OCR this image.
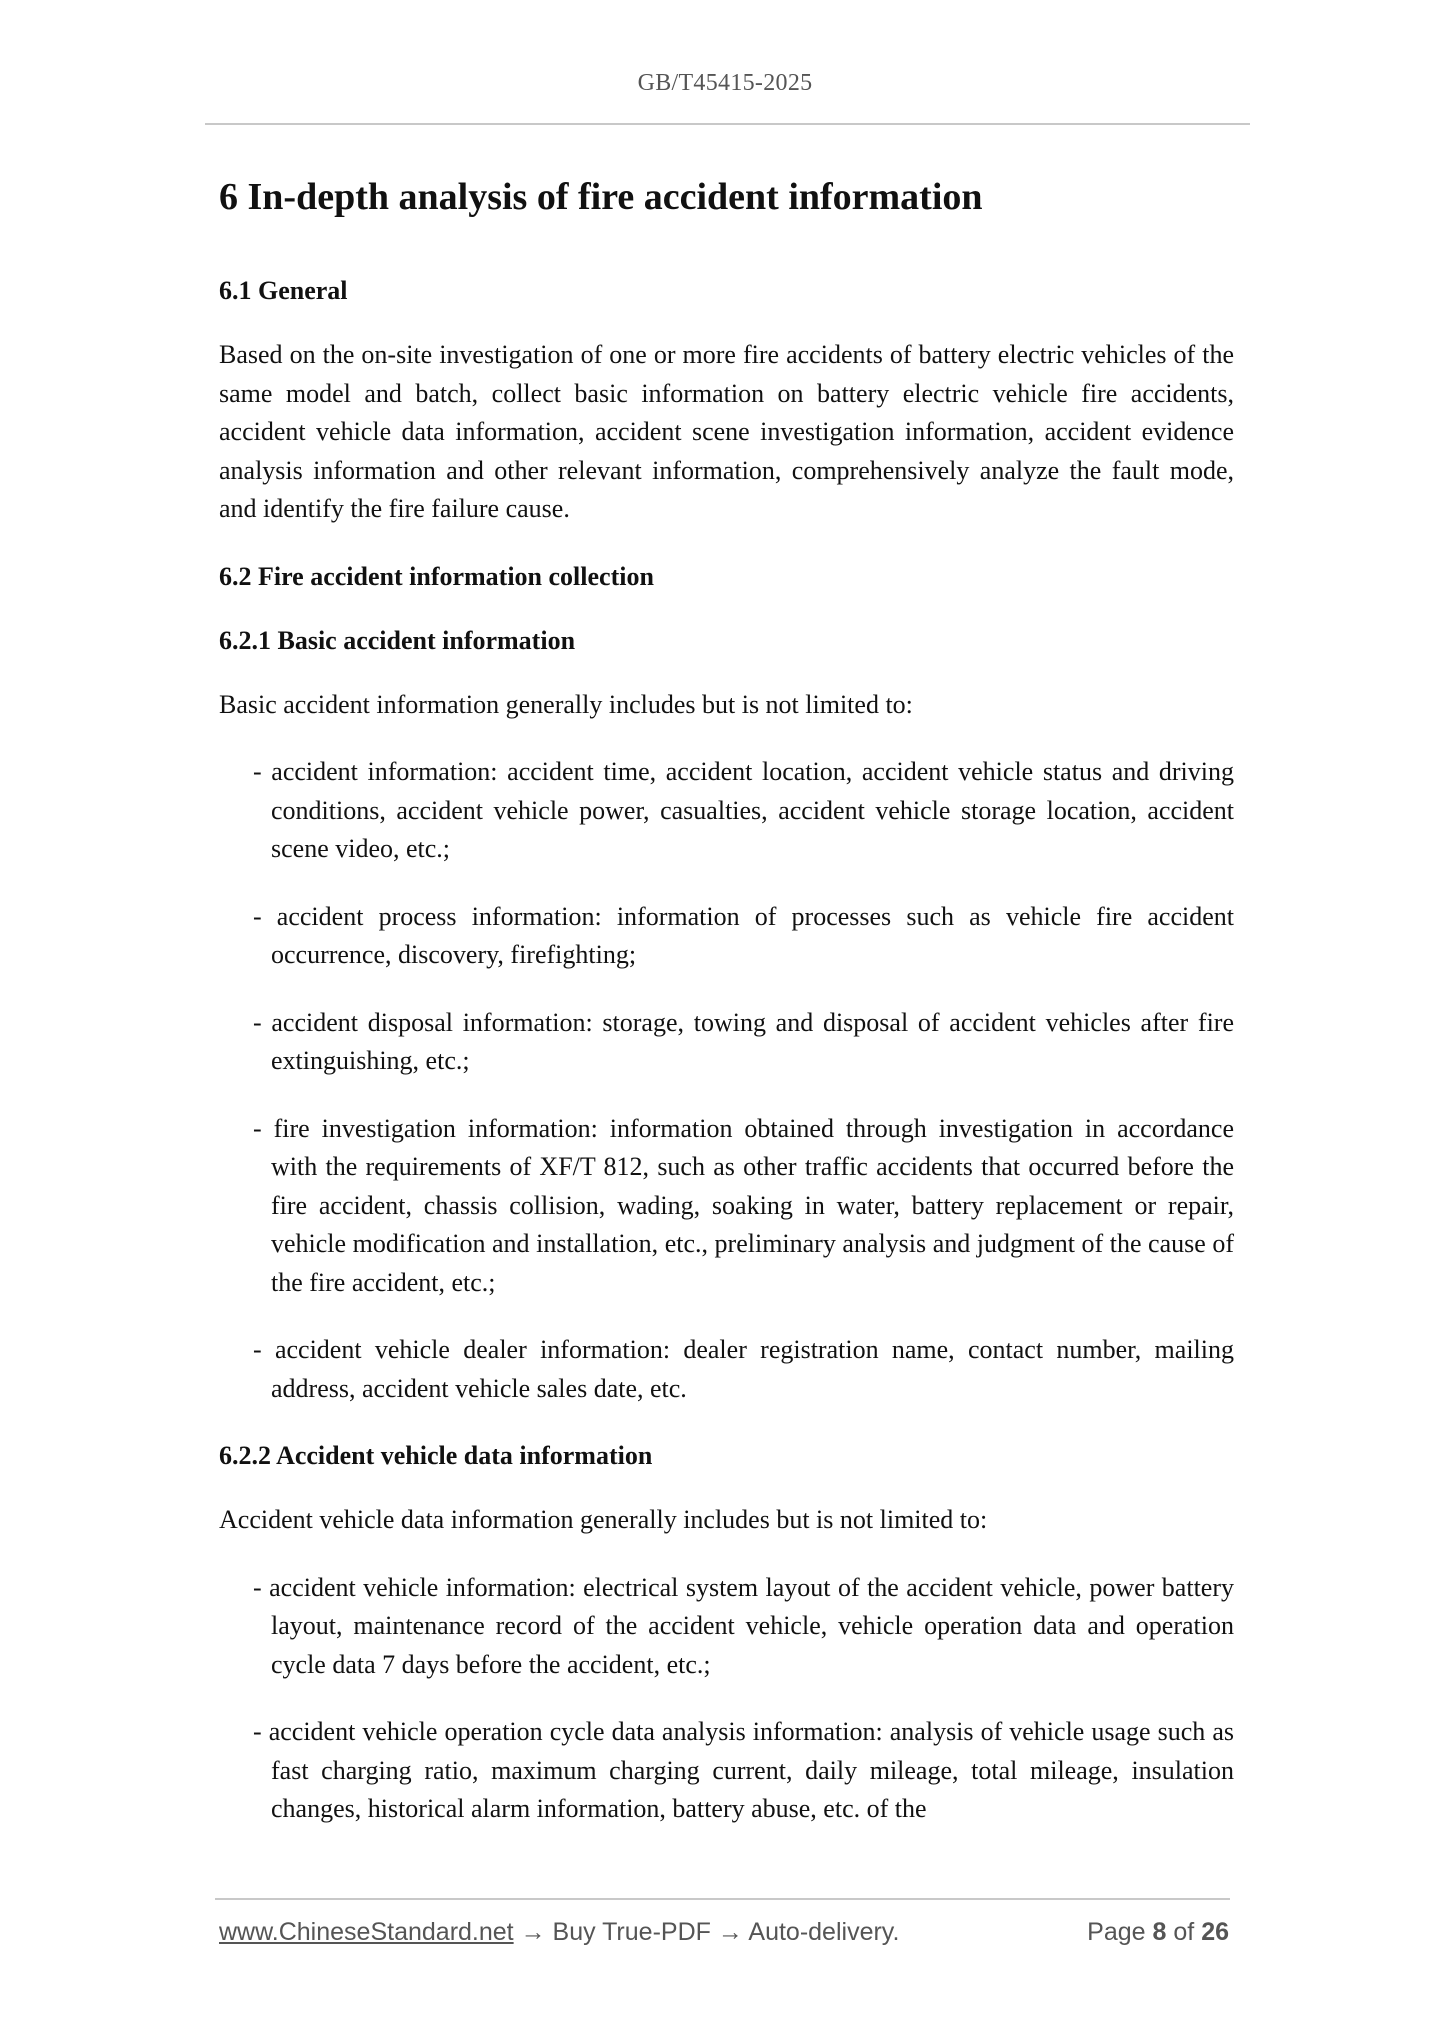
GB/T45415-2025
6 In-depth analysis of fire accident information
6.1 General

Based on the on-site investigation of one or more fire accidents of battery electric vehicles of the same model and batch, collect basic information on battery electric vehicle fire accidents, accident vehicle data information, accident scene investigation information, accident evidence analysis information and other relevant information, comprehensively analyze the fault mode, and identify the fire failure cause.

6.2 Fire accident information collection
6.2.1 Basic accident information

Basic accident information generally includes but is not limited to:

- accident information: accident time, accident location, accident vehicle status and driving conditions, accident vehicle power, casualties, accident vehicle storage location, accident scene video, etc.;
- accident process information: information of processes such as vehicle fire accident occurrence, discovery, firefighting;
- accident disposal information: storage, towing and disposal of accident vehicles after fire extinguishing, etc.;
- fire investigation information: information obtained through investigation in accordance with the requirements of XF/T 812, such as other traffic accidents that occurred before the fire accident, chassis collision, wading, soaking in water, battery replacement or repair, vehicle modification and installation, etc., preliminary analysis and judgment of the cause of the fire accident, etc.;
- accident vehicle dealer information: dealer registration name, contact number, mailing address, accident vehicle sales date, etc.
6.2.2 Accident vehicle data information

Accident vehicle data information generally includes but is not limited to:

- accident vehicle information: electrical system layout of the accident vehicle, power battery layout, maintenance record of the accident vehicle, vehicle operation data and operation cycle data 7 days before the accident, etc.;
- accident vehicle operation cycle data analysis information: analysis of vehicle usage such as fast charging ratio, maximum charging current, daily mileage, total mileage, insulation changes, historical alarm information, battery abuse, etc. of the
www.ChineseStandard.net → Buy True-PDF → Auto-delivery.	Page 8 of 26
